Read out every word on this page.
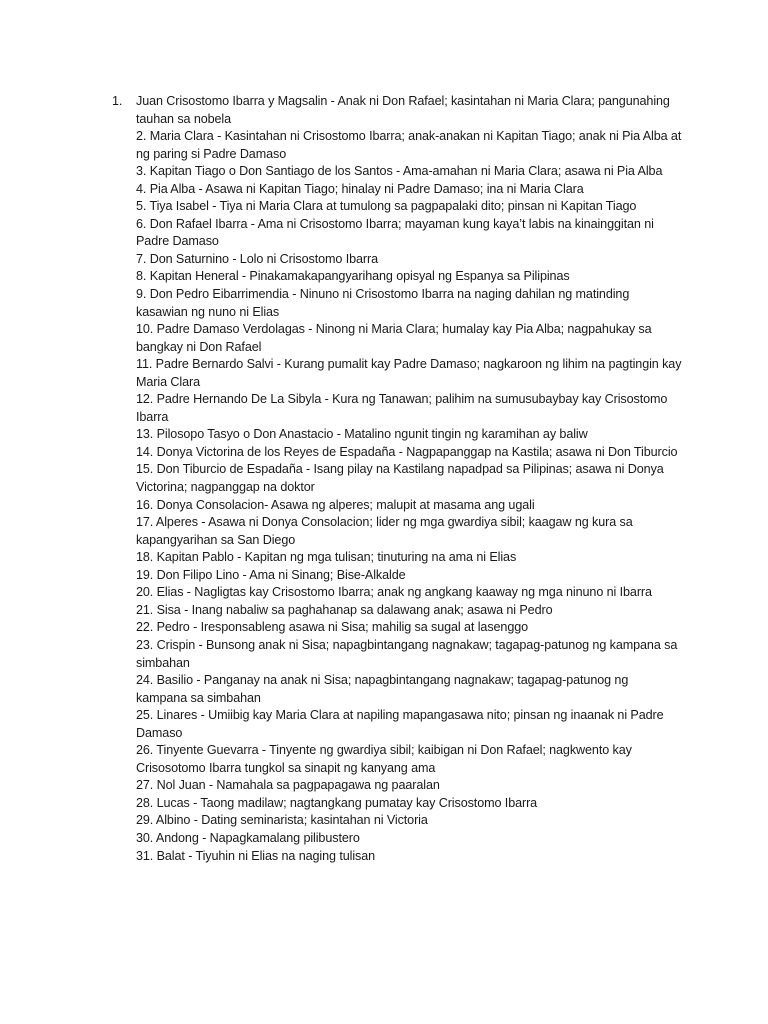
1. Juan Crisostomo Ibarra y Magsalin - Anak ni Don Rafael; kasintahan ni Maria Clara; pangunahing tauhan sa nobela

2. Maria Clara - Kasintahan ni Crisostomo Ibarra; anak-anakan ni Kapitan Tiago; anak ni Pia Alba at ng paring si Padre Damaso

3. Kapitan Tiago o Don Santiago de los Santos - Ama-amahan ni Maria Clara; asawa ni Pia Alba

4. Pia Alba - Asawa ni Kapitan Tiago; hinalay ni Padre Damaso; ina ni Maria Clara

5. Tiya Isabel - Tiya ni Maria Clara at tumulong sa pagpapalaki dito; pinsan ni Kapitan Tiago

6. Don Rafael Ibarra - Ama ni Crisostomo Ibarra; mayaman kung kaya’t labis na kinainggitan ni Padre Damaso

7. Don Saturnino - Lolo ni Crisostomo Ibarra

8. Kapitan Heneral - Pinakamakapangyarihang opisyal ng Espanya sa Pilipinas

9. Don Pedro Eibarrimendia - Ninuno ni Crisostomo Ibarra na naging dahilan ng matinding kasawian ng nuno ni Elias

10. Padre Damaso Verdolagas - Ninong ni Maria Clara; humalay kay Pia Alba; nagpahukay sa bangkay ni Don Rafael

11. Padre Bernardo Salvi - Kurang pumalit kay Padre Damaso; nagkaroon ng lihim na pagtingin kay Maria Clara

12. Padre Hernando De La Sibyla - Kura ng Tanawan; palihim na sumusubaybay kay Crisostomo Ibarra

13. Pilosopo Tasyo o Don Anastacio - Matalino ngunit tingin ng karamihan ay baliw

14. Donya Victorina de los Reyes de Espadaña - Nagpapanggap na Kastila; asawa ni Don Tiburcio

15. Don Tiburcio de Espadaña - Isang pilay na Kastilang napadpad sa Pilipinas; asawa ni Donya Victorina; nagpanggap na doktor

16. Donya Consolacion- Asawa ng alperes; malupit at masama ang ugali

17. Alperes - Asawa ni Donya Consolacion; lider ng mga gwardiya sibil; kaagaw ng kura sa kapangyarihan sa San Diego

18. Kapitan Pablo - Kapitan ng mga tulisan; tinuturing na ama ni Elias

19. Don Filipo Lino - Ama ni Sinang; Bise-Alkalde

20. Elias - Nagligtas kay Crisostomo Ibarra; anak ng angkang kaaway ng mga ninuno ni Ibarra

21. Sisa - Inang nabaliw sa paghahanap sa dalawang anak; asawa ni Pedro

22. Pedro - Iresponsableng asawa ni Sisa; mahilig sa sugal at lasenggo

23. Crispin - Bunsong anak ni Sisa; napagbintangang nagnakaw; tagapag-patunog ng kampana sa simbahan

24. Basilio - Panganay na anak ni Sisa; napagbintangang nagnakaw; tagapag-patunog ng kampana sa simbahan

25. Linares - Umiibig kay Maria Clara at napiling mapangasawa nito; pinsan ng inaanak ni Padre Damaso

26. Tinyente Guevarra - Tinyente ng gwardiya sibil; kaibigan ni Don Rafael; nagkwento kay Crisosotomo Ibarra tungkol sa sinapit ng kanyang ama

27. Nol Juan - Namahala sa pagpapagawa ng paaralan

28. Lucas - Taong madilaw; nagtangkang pumatay kay Crisostomo Ibarra

29. Albino - Dating seminarista; kasintahan ni Victoria

30. Andong - Napagkamalang pilibustero

31. Balat - Tiyuhin ni Elias na naging tulisan
